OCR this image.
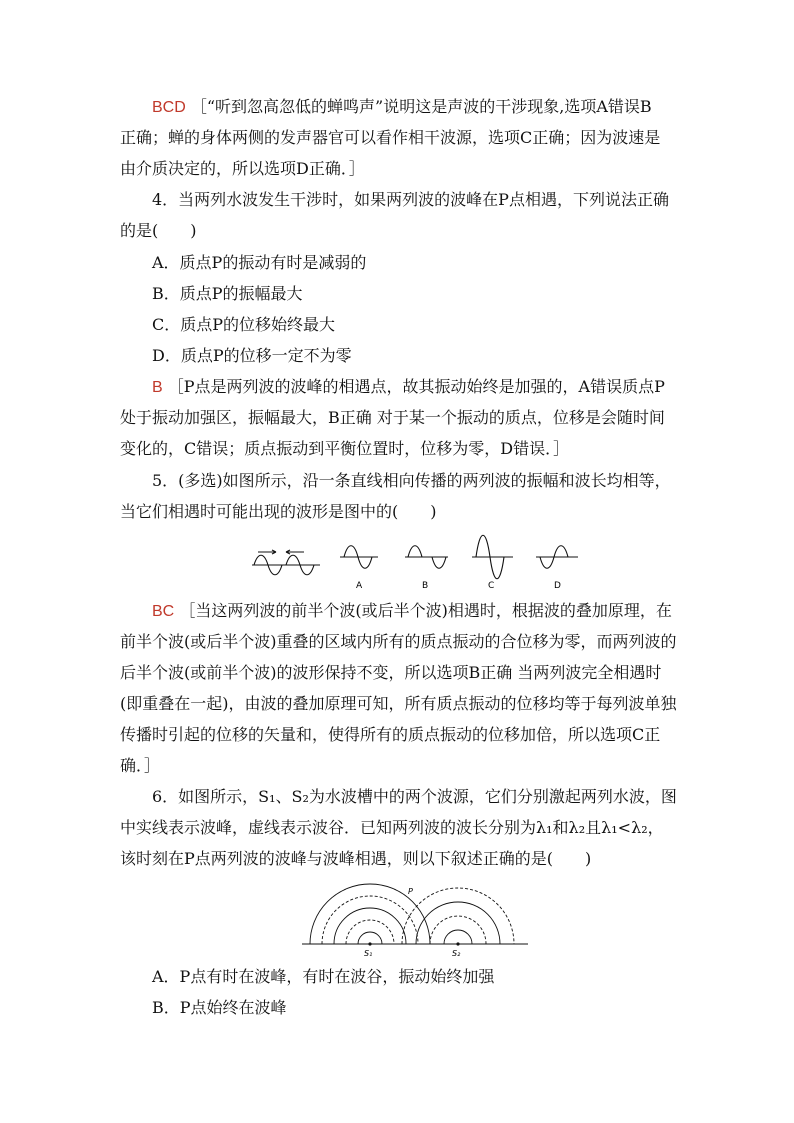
BCD ［“听到忽高忽低的蝉鸣声”说明这是声波的干涉现象,选项A错误B
正确；蝉的身体两侧的发声器官可以看作相干波源，选项C正确；因为波速是
由介质决定的，所以选项D正确．］
4．当两列水波发生干涉时，如果两列波的波峰在P点相遇，下列说法正确
的是(　　)
A．质点P的振动有时是减弱的
B．质点P的振幅最大
C．质点P的位移始终最大
D．质点P的位移一定不为零
B ［P点是两列波的波峰的相遇点，故其振动始终是加强的，A错误质点P
处于振动加强区，振幅最大，B正确 对于某一个振动的质点，位移是会随时间
变化的，C错误；质点振动到平衡位置时，位移为零，D错误．］
5．(多选)如图所示，沿一条直线相向传播的两列波的振幅和波长均相等，
当它们相遇时可能出现的波形是图中的(　　)
A	B	C	D
BC ［当这两列波的前半个波(或后半个波)相遇时，根据波的叠加原理，在
前半个波(或后半个波)重叠的区域内所有的质点振动的合位移为零，而两列波的
后半个波(或前半个波)的波形保持不变，所以选项B正确 当两列波完全相遇时
(即重叠在一起)，由波的叠加原理可知，所有质点振动的位移均等于每列波单独
传播时引起的位移的矢量和，使得所有的质点振动的位移加倍，所以选项C正
确．］
6．如图所示，S₁、S₂为水波槽中的两个波源，它们分别激起两列水波，图
中实线表示波峰，虚线表示波谷．已知两列波的波长分别为λ₁和λ₂且λ₁<λ₂，
该时刻在P点两列波的波峰与波峰相遇，则以下叙述正确的是(　　)
P
S₁	S₂
A．P点有时在波峰，有时在波谷，振动始终加强
B．P点始终在波峰
